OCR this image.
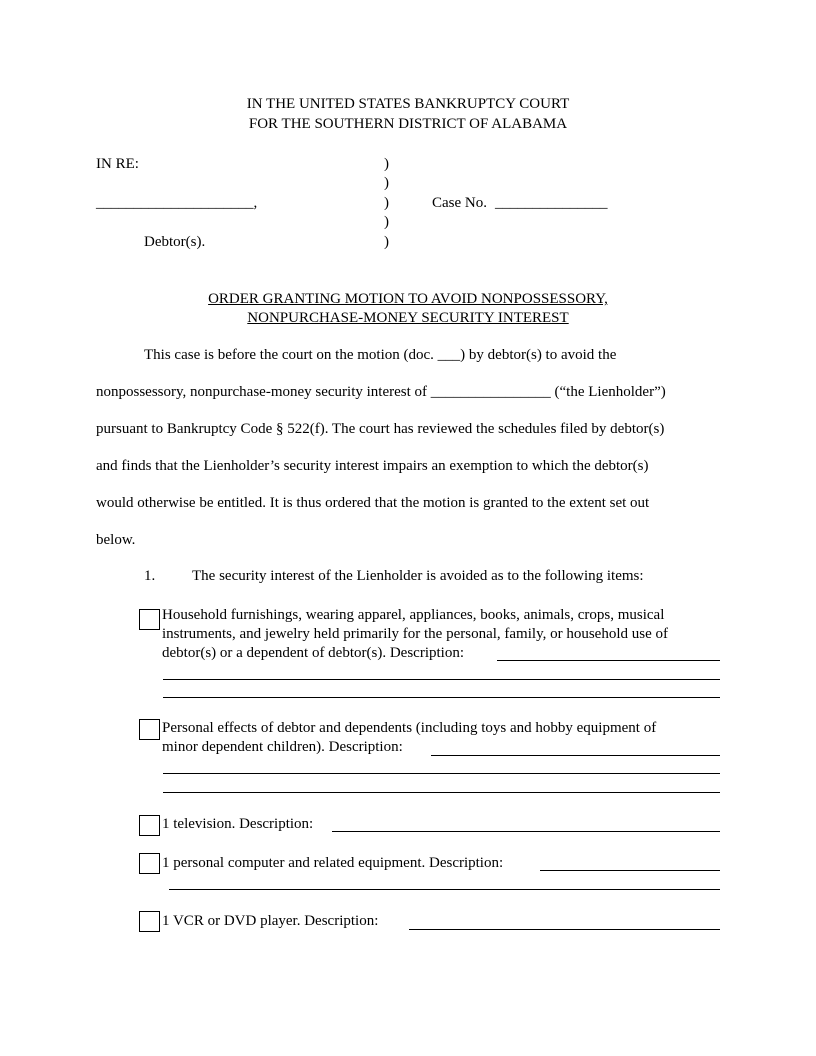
IN THE UNITED STATES BANKRUPTCY COURT
FOR THE SOUTHERN DISTRICT OF ALABAMA
IN RE:
_____________________,
Debtor(s).
)
)
)
)
)
Case No. _______________
ORDER GRANTING MOTION TO AVOID NONPOSSESSORY,
NONPURCHASE-MONEY SECURITY INTEREST
This case is before the court on the motion (doc. ___) by debtor(s) to avoid the
nonpossessory, nonpurchase-money security interest of ________________ (“the Lienholder”)
pursuant to Bankruptcy Code § 522(f). The court has reviewed the schedules filed by debtor(s)
and finds that the Lienholder’s security interest impairs an exemption to which the debtor(s)
would otherwise be entitled. It is thus ordered that the motion is granted to the extent set out
below.
1. The security interest of the Lienholder is avoided as to the following items:
Household furnishings, wearing apparel, appliances, books, animals, crops, musical
instruments, and jewelry held primarily for the personal, family, or household use of
debtor(s) or a dependent of debtor(s). Description:
Personal effects of debtor and dependents (including toys and hobby equipment of
minor dependent children). Description:
1 television. Description:
1 personal computer and related equipment. Description:
1 VCR or DVD player. Description:
